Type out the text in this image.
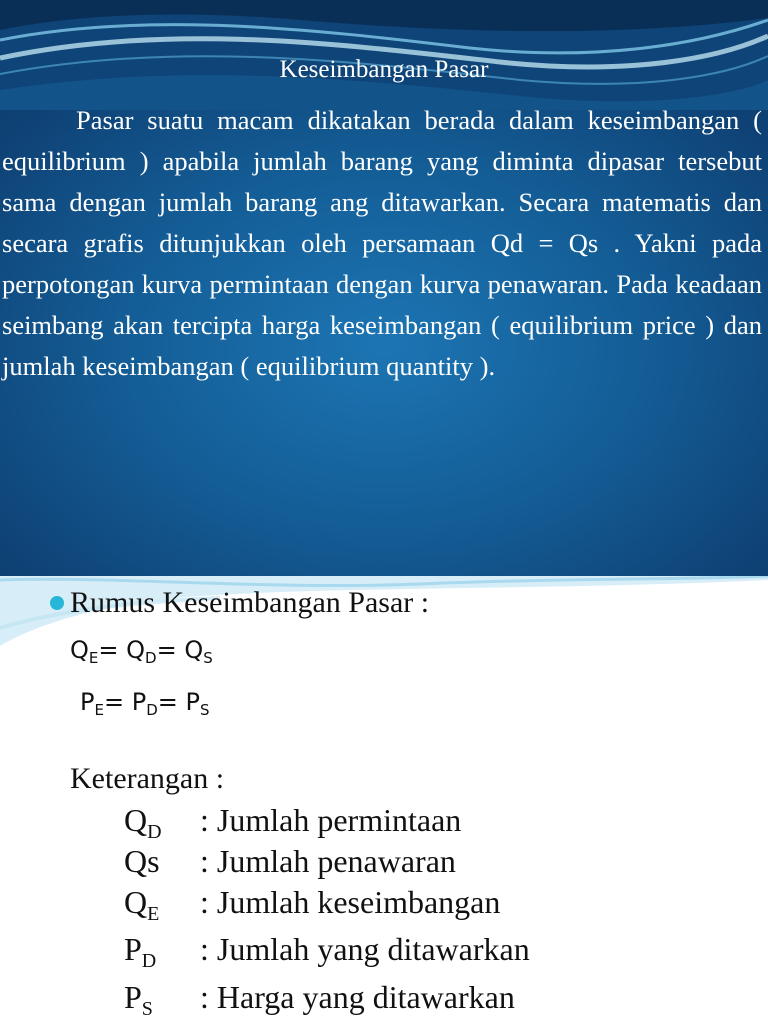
Keseimbangan Pasar

Pasar suatu macam dikatakan berada dalam keseimbangan ( equilibrium ) apabila jumlah barang yang diminta dipasar tersebut sama dengan jumlah barang ang ditawarkan. Secara matematis dan secara grafis ditunjukkan oleh persamaan Qd = Qs . Yakni pada perpotongan kurva permintaan dengan kurva penawaran. Pada keadaan seimbang akan tercipta harga keseimbangan ( equilibrium price ) dan jumlah keseimbangan ( equilibrium quantity ).

Rumus Keseimbangan Pasar :
$Q_E= Q_D= Q_S$
$P_E= P_D= P_S$
Keterangan :
$Q_D$ : Jumlah permintaan
Qs : Jumlah penawaran
$Q_E$ : Jumlah keseimbangan
$P_D$ : Jumlah yang ditawarkan
$P_S$ : Harga yang ditawarkan
